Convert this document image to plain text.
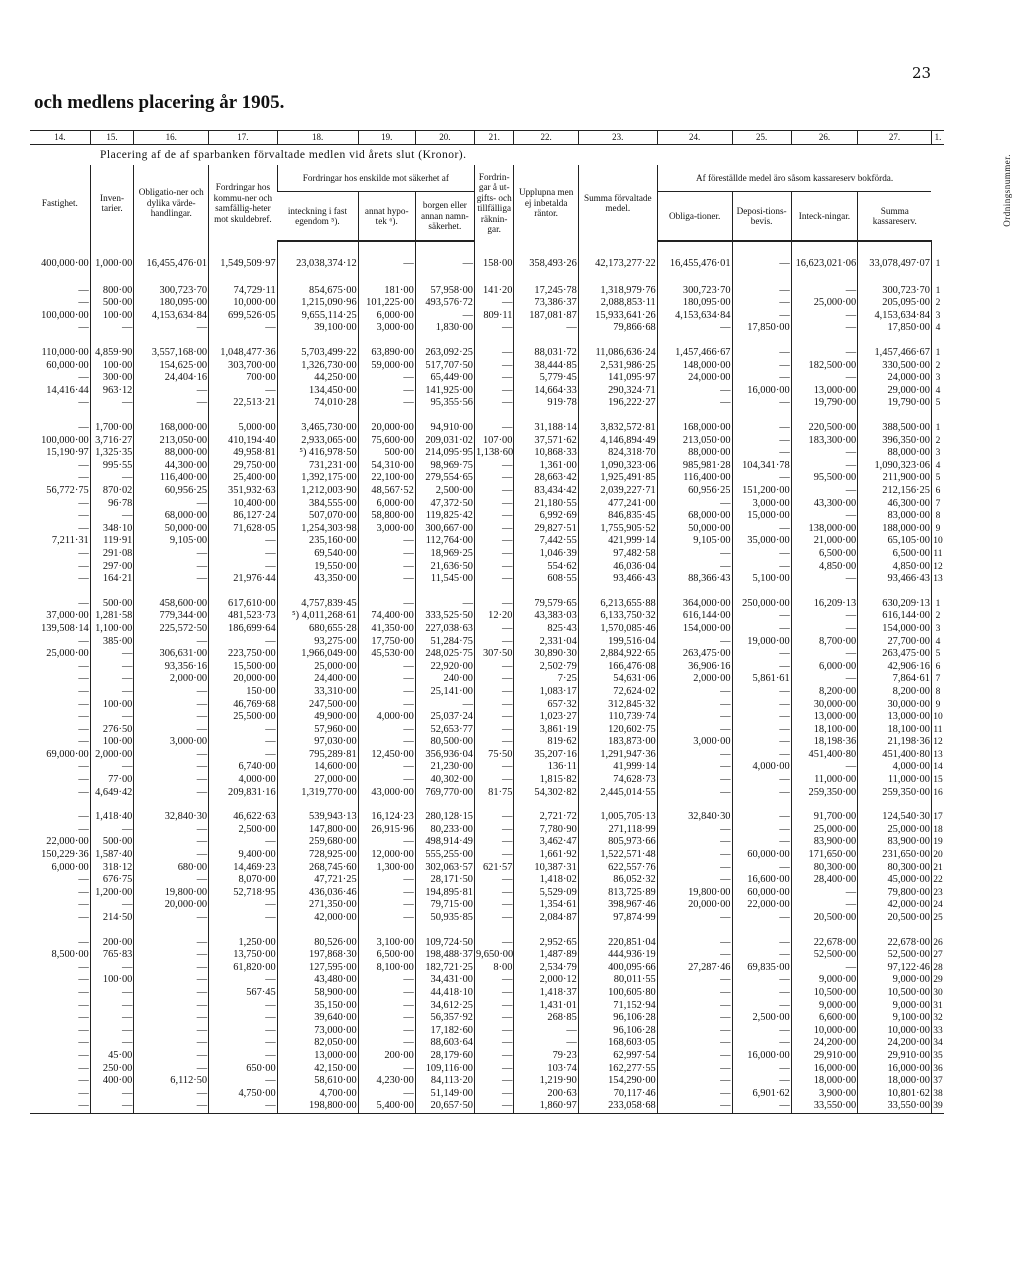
23
och medlens placering år 1905.
14.	15.	16.	17.	18.	19.	20.	21.	22.	23.	24.	25.	26.	27.	1.
Placering af de af sparbanken förvaltade medlen vid årets slut (Kronor).														Ordningsnummer.
Fastighet.	Inven-tarier.	Obligatio-ner och dylika värde-handlingar.	Fordringar hos kommu-ner och samfällig-heter mot skuldebref.	Fordringar hos enskilde mot säkerhet af			Fordrin-gar å ut-gifts- och tillfälliga räknin-gar.	Upplupna men ej inbetalda räntor.	Summa förvaltade medel.	Af föreställde medel äro såsom kassareserv bokförda.				
				inteckning i fast egendom ⁵).	annat hypo-tek ⁶).	borgen eller annan namn-säkerhet.				Obliga-tioner.	Deposi-tions-bevis.	Inteck-ningar.	Summa kassareserv.	

400,000·00	1,000·00	16,455,476·01	1,549,509·97	23,038,374·12	—	—	158·00	358,493·26	42,173,277·22	16,455,476·01	—	16,623,021·06	33,078,497·07	1

—	800·00	300,723·70	74,729·11	854,675·00	181·00	57,958·00	141·20	17,245·78	1,318,979·76	300,723·70	—	—	300,723·70	1
—	500·00	180,095·00	10,000·00	1,215,090·96	101,225·00	493,576·72	—	73,386·37	2,088,853·11	180,095·00	—	25,000·00	205,095·00	2
100,000·00	100·00	4,153,634·84	699,526·05	9,655,114·25	6,000·00	—	809·11	187,081·87	15,933,641·26	4,153,634·84	—	—	4,153,634·84	3
—	—	—	—	39,100·00	3,000·00	1,830·00	—	—	79,866·68	—	17,850·00	—	17,850·00	4

110,000·00	4,859·90	3,557,168·00	1,048,477·36	5,703,499·22	63,890·00	263,092·25	—	88,031·72	11,086,636·24	1,457,466·67	—	—	1,457,466·67	1
60,000·00	100·00	154,625·00	303,700·00	1,326,730·00	59,000·00	517,707·50	—	38,444·85	2,531,986·25	148,000·00	—	182,500·00	330,500·00	2
—	300·00	24,404·16	700·00	44,250·00	—	65,449·00	—	5,779·45	141,095·97	24,000·00	—	—	24,000·00	3
14,416·44	963·12	—	—	134,450·00	—	141,925·00	—	14,664·33	290,324·71	—	16,000·00	13,000·00	29,000·00	4
—	—	—	22,513·21	74,010·28	—	95,355·56	—	919·78	196,222·27	—	—	19,790·00	19,790·00	5

—	1,700·00	168,000·00	5,000·00	3,465,730·00	20,000·00	94,910·00	—	31,188·14	3,832,572·81	168,000·00	—	220,500·00	388,500·00	1
100,000·00	3,716·27	213,050·00	410,194·40	2,933,065·00	75,600·00	209,031·02	107·00	37,571·62	4,146,894·49	213,050·00	—	183,300·00	396,350·00	2
15,190·97	1,325·35	88,000·00	49,958·81	⁵) 416,978·50	500·00	214,095·95	1,138·60	10,868·33	824,318·70	88,000·00	—	—	88,000·00	3
—	995·55	44,300·00	29,750·00	731,231·00	54,310·00	98,969·75	—	1,361·00	1,090,323·06	985,981·28	104,341·78	—	1,090,323·06	4
—	—	116,400·00	25,400·00	1,392,175·00	22,100·00	279,554·65	—	28,663·42	1,925,491·85	116,400·00	—	95,500·00	211,900·00	5
56,772·75	870·02	60,956·25	351,932·63	1,212,003·90	48,567·52	2,500·00	—	83,434·42	2,039,227·71	60,956·25	151,200·00	—	212,156·25	6
—	96·78	—	10,400·00	384,555·00	6,000·00	47,372·50	—	21,180·55	477,241·00	—	3,000·00	43,300·00	46,300·00	7
—	—	68,000·00	86,127·24	507,070·00	58,800·00	119,825·42	—	6,992·69	846,835·45	68,000·00	15,000·00	—	83,000·00	8
—	348·10	50,000·00	71,628·05	1,254,303·98	3,000·00	300,667·00	—	29,827·51	1,755,905·52	50,000·00	—	138,000·00	188,000·00	9
7,211·31	119·91	9,105·00	—	235,160·00	—	112,764·00	—	7,442·55	421,999·14	9,105·00	35,000·00	21,000·00	65,105·00	10
—	291·08	—	—	69,540·00	—	18,969·25	—	1,046·39	97,482·58	—	—	6,500·00	6,500·00	11
—	297·00	—	—	19,550·00	—	21,636·50	—	554·62	46,036·04	—	—	4,850·00	4,850·00	12
—	164·21	—	21,976·44	43,350·00	—	11,545·00	—	608·55	93,466·43	88,366·43	5,100·00	—	93,466·43	13

—	500·00	458,600·00	617,610·00	4,757,839·45	—	—	—	79,579·65	6,213,655·88	364,000·00	250,000·00	16,209·13	630,209·13	1
37,000·00	1,281·58	779,344·00	481,523·73	⁵) 4,011,268·61	74,400·00	333,525·50	12·20	43,383·03	6,133,750·32	616,144·00	—	—	616,144·00	2
139,508·14	1,100·00	225,572·50	186,699·64	680,655·28	41,350·00	227,038·63	—	825·43	1,570,085·46	154,000·00	—	—	154,000·00	3
—	385·00	—	—	93,275·00	17,750·00	51,284·75	—	2,331·04	199,516·04	—	19,000·00	8,700·00	27,700·00	4
25,000·00	—	306,631·00	223,750·00	1,966,049·00	45,530·00	248,025·75	307·50	30,890·30	2,884,922·65	263,475·00	—	—	263,475·00	5
—	—	93,356·16	15,500·00	25,000·00	—	22,920·00	—	2,502·79	166,476·08	36,906·16	—	6,000·00	42,906·16	6
—	—	2,000·00	20,000·00	24,400·00	—	240·00	—	7·25	54,631·06	2,000·00	5,861·61	—	7,864·61	7
—	—	—	150·00	33,310·00	—	25,141·00	—	1,083·17	72,624·02	—	—	8,200·00	8,200·00	8
—	100·00	—	46,769·68	247,500·00	—	—	—	657·32	312,845·32	—	—	30,000·00	30,000·00	9
—	—	—	25,500·00	49,900·00	4,000·00	25,037·24	—	1,023·27	110,739·74	—	—	13,000·00	13,000·00	10
—	276·50	—	—	57,960·00	—	52,653·77	—	3,861·19	120,602·75	—	—	18,100·00	18,100·00	11
—	100·00	3,000·00	—	97,030·00	—	80,500·00	—	819·62	183,873·00	3,000·00	—	18,198·36	21,198·36	12
69,000·00	2,000·00	—	—	795,289·81	12,450·00	356,936·04	75·50	35,207·16	1,291,947·36	—	—	451,400·80	451,400·80	13
—	—	—	6,740·00	14,600·00	—	21,230·00	—	136·11	41,999·14	—	4,000·00	—	4,000·00	14
—	77·00	—	4,000·00	27,000·00	—	40,302·00	—	1,815·82	74,628·73	—	—	11,000·00	11,000·00	15
—	4,649·42	—	209,831·16	1,319,770·00	43,000·00	769,770·00	81·75	54,302·82	2,445,014·55	—	—	259,350·00	259,350·00	16

—	1,418·40	32,840·30	46,622·63	539,943·13	16,124·23	280,128·15	—	2,721·72	1,005,705·13	32,840·30	—	91,700·00	124,540·30	17
—	—	—	2,500·00	147,800·00	26,915·96	80,233·00	—	7,780·90	271,118·99	—	—	25,000·00	25,000·00	18
22,000·00	500·00	—	—	259,680·00	—	498,914·49	—	3,462·47	805,973·66	—	—	83,900·00	83,900·00	19
150,229·36	1,587·40	—	9,400·00	728,925·00	12,000·00	555,255·00	—	1,661·92	1,522,571·48	—	60,000·00	171,650·00	231,650·00	20
6,000·00	318·12	680·00	14,469·23	268,745·60	1,300·00	302,063·57	621·57	10,387·31	622,557·76	—	—	80,300·00	80,300·00	21
—	676·75	—	8,070·00	47,721·25	—	28,171·50	—	1,418·02	86,052·32	—	16,600·00	28,400·00	45,000·00	22
—	1,200·00	19,800·00	52,718·95	436,036·46	—	194,895·81	—	5,529·09	813,725·89	19,800·00	60,000·00	—	79,800·00	23
—	—	20,000·00	—	271,350·00	—	79,715·00	—	1,354·61	398,967·46	20,000·00	22,000·00	—	42,000·00	24
—	214·50	—	—	42,000·00	—	50,935·85	—	2,084·87	97,874·99	—	—	20,500·00	20,500·00	25

—	200·00	—	1,250·00	80,526·00	3,100·00	109,724·50	—	2,952·65	220,851·04	—	—	22,678·00	22,678·00	26
8,500·00	765·83	—	13,750·00	197,868·30	6,500·00	198,488·37	9,650·00	1,487·89	444,936·19	—	—	52,500·00	52,500·00	27
—	—	—	61,820·00	127,595·00	8,100·00	182,721·25	8·00	2,534·79	400,095·66	27,287·46	69,835·00	—	97,122·46	28
—	100·00	—	—	43,480·00	—	34,431·00	—	2,000·12	80,011·55	—	—	9,000·00	9,000·00	29
—	—	—	567·45	58,900·00	—	44,418·10	—	1,418·37	100,605·80	—	—	10,500·00	10,500·00	30
—	—	—	—	35,150·00	—	34,612·25	—	1,431·01	71,152·94	—	—	9,000·00	9,000·00	31
—	—	—	—	39,640·00	—	56,357·92	—	268·85	96,106·28	—	2,500·00	6,600·00	9,100·00	32
—	—	—	—	73,000·00	—	17,182·60	—	—	96,106·28	—	—	10,000·00	10,000·00	33
—	—	—	—	82,050·00	—	88,603·64	—	—	168,603·05	—	—	24,200·00	24,200·00	34
—	45·00	—	—	13,000·00	200·00	28,179·60	—	79·23	62,997·54	—	16,000·00	29,910·00	29,910·00	35
—	250·00	—	650·00	42,150·00	—	109,116·00	—	103·74	162,277·55	—	—	16,000·00	16,000·00	36
—	400·00	6,112·50	—	58,610·00	4,230·00	84,113·20	—	1,219·90	154,290·00	—	—	18,000·00	18,000·00	37
—	—	—	4,750·00	4,700·00	—	51,149·00	—	200·63	70,117·46	—	6,901·62	3,900·00	10,801·62	38
—	—	—	—	198,800·00	5,400·00	20,657·50	—	1,860·97	233,058·68	—	—	33,550·00	33,550·00	39
